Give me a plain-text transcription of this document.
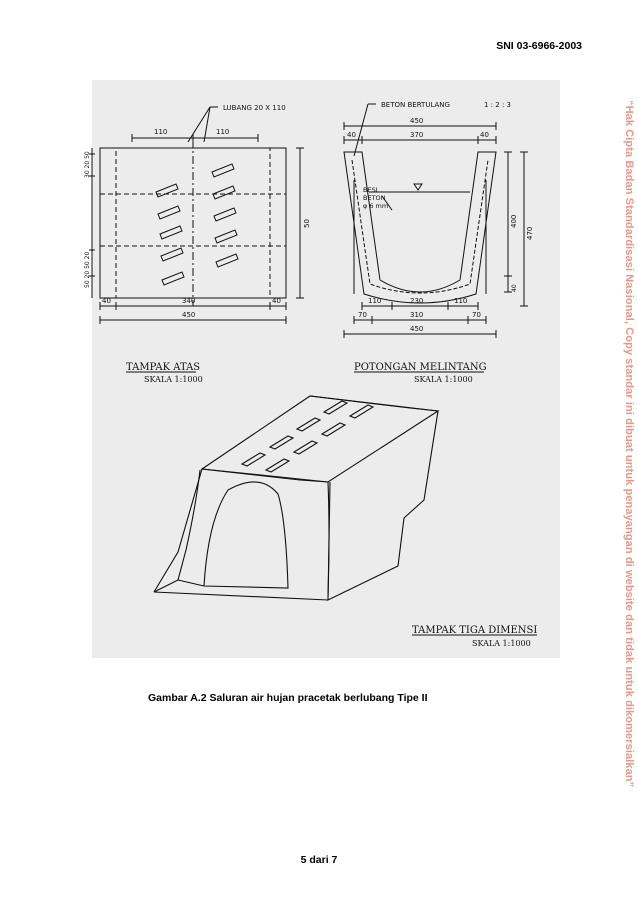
SNI 03-6966-2003
LUBANG 20 X 110
110	110
40	340	40
450
50
30 20 50
50 20 50 20
TAMPAK ATAS
SKALA 1:1000
BETON BERTULANG	1 : 2 : 3
450
40	370	40
BESI
BETON
φ 6 mm
110	230	110
70	310	70
450
400
40
470
POTONGAN MELINTANG
SKALA 1:1000
TAMPAK TIGA DIMENSI
SKALA 1:1000
Gambar A.2 Saluran air hujan pracetak berlubang Tipe II
5 dari 7
“Hak Cipta Badan Standardisasi Nasional, Copy standar ini dibuat untuk penayangan di website dan tidak untuk dikomersialkan”
